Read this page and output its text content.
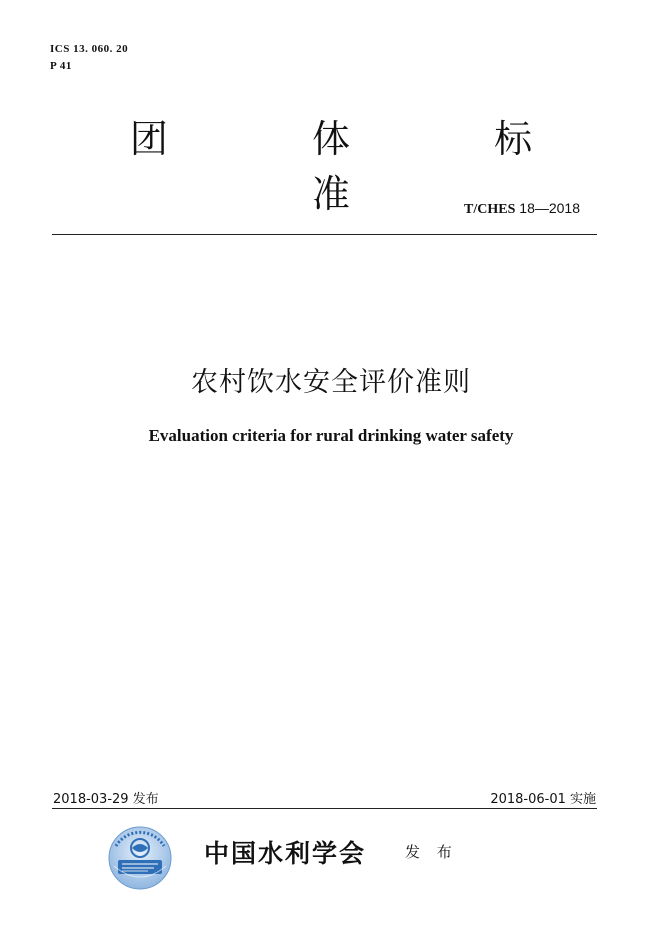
ICS 13. 060. 20
P 41
团 体 标 准	T/CHES 18—2018
农村饮水安全评价准则
Evaluation criteria for rural drinking water safety
2018-03-29 发布	2018-06-01 实施
中国水利学会	发 布
